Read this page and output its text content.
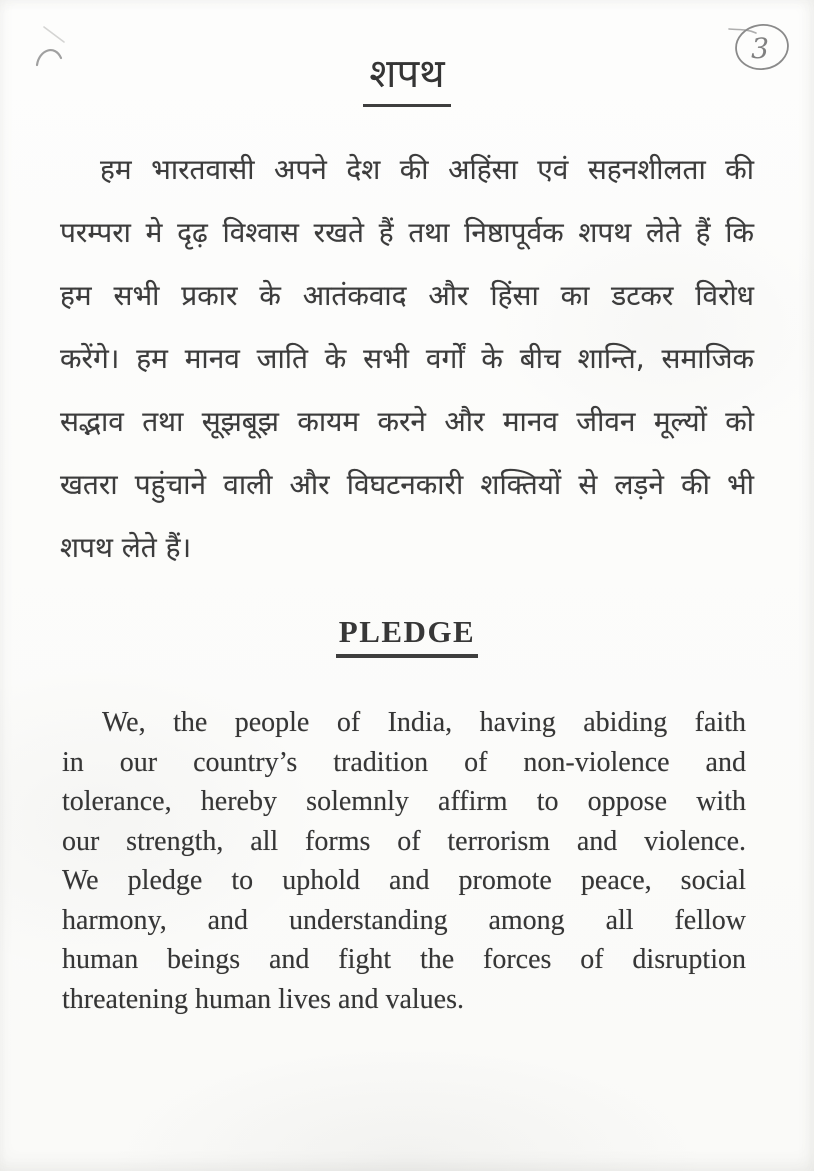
3
शपथ
हम भारतवासी अपने देश की अहिंसा एवं सहनशीलता की
परम्परा मे दृढ़ विश्वास रखते हैं तथा निष्ठापूर्वक शपथ लेते हैं कि
हम सभी प्रकार के आतंकवाद और हिंसा का डटकर विरोध
करेंगे। हम मानव जाति के सभी वर्गों के बीच शान्ति, समाजिक
सद्भाव तथा सूझबूझ कायम करने और मानव जीवन मूल्यों को
खतरा पहुंचाने वाली और विघटनकारी शक्तियों से लड़ने की भी
शपथ लेते हैं।
PLEDGE
We, the people of India, having abiding faith
in our country’s tradition of non-violence and
tolerance, hereby solemnly affirm to oppose with
our strength, all forms of terrorism and violence.
We pledge to uphold and promote peace, social
harmony, and understanding among all fellow
human beings and fight the forces of disruption
threatening human lives and values.
